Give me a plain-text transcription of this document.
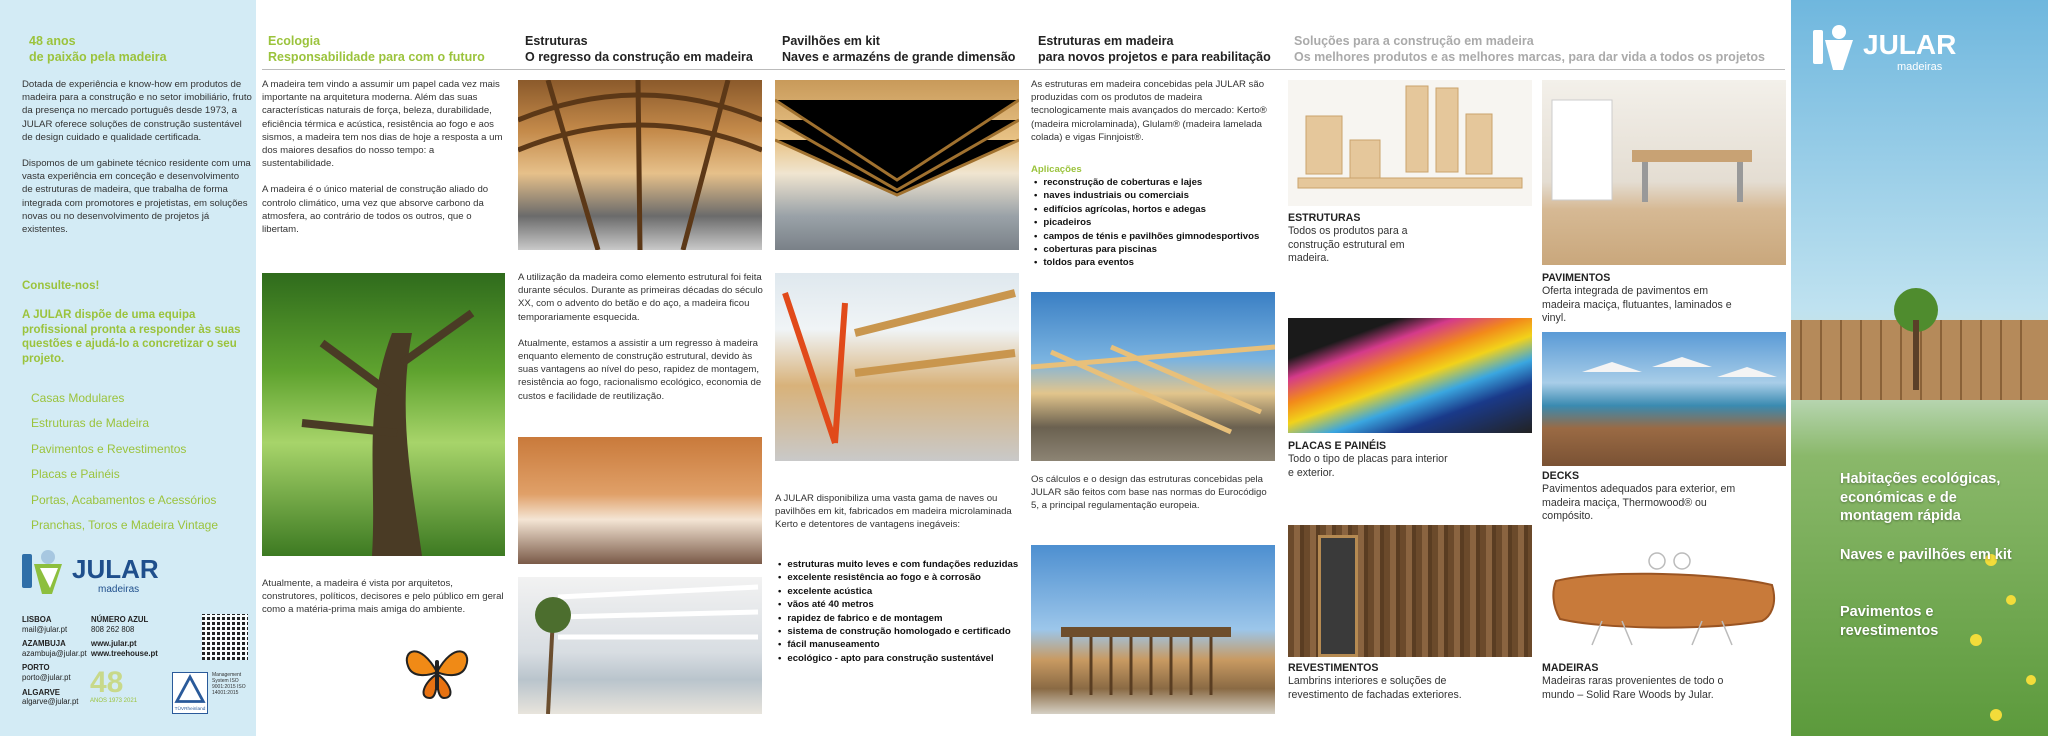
48 anos
de paixão pela madeira

Dotada de experiência e know-how em produtos de madeira para a construção e no setor imobiliário, fruto da presença no mercado português desde 1973, a JULAR oferece soluções de construção sustentável de design cuidado e qualidade certificada.

Dispomos de um gabinete técnico residente com uma vasta experiência em conceção e desenvolvimento de estruturas de madeira, que trabalha de forma integrada com promotores e projetistas, em soluções novas ou no desenvolvimento de projetos já existentes.

Consulte-nos!
A JULAR dispõe de uma equipa profissional pronta a responder às suas questões e ajudá-lo a concretizar o seu projeto.
Casas Modulares
Estruturas de Madeira
Pavimentos e Revestimentos
Placas e Painéis
Portas, Acabamentos e Acessórios
Pranchas, Toros e Madeira Vintage
JULAR
madeiras
LISBOA
mail@jular.pt
AZAMBUJA
azambuja@jular.pt
PORTO
porto@jular.pt
ALGARVE
algarve@jular.pt
NÚMERO AZUL
808 262 808
www.jular.pt
www.treehouse.pt
48
ANOS 1973 2021
TÜVRheinland
Management System ISO 9001:2015 ISO 14001:2015
Ecologia
Responsabilidade para com o futuro
Estruturas
O regresso da construção em madeira
Pavilhões em kit
Naves e armazéns de grande dimensão
Estruturas em madeira
para novos projetos e para reabilitação
Soluções para a construção em madeira
Os melhores produtos e as melhores marcas, para dar vida a todos os projetos

A madeira tem vindo a assumir um papel cada vez mais importante na arquitetura moderna. Além das suas características naturais de força, beleza, durabilidade, eficiência térmica e acústica, resistência ao fogo e aos sismos, a madeira tem nos dias de hoje a resposta a um dos maiores desafios do nosso tempo: a sustentabilidade.

A madeira é o único material de construção aliado do controlo climático, uma vez que absorve carbono da atmosfera, ao contrário de todos os outros, que o libertam.

Atualmente, a madeira é vista por arquitetos, construtores, políticos, decisores e pelo público em geral como a matéria-prima mais amiga do ambiente.

A utilização da madeira como elemento estrutural foi feita durante séculos. Durante as primeiras décadas do século XX, com o advento do betão e do aço, a madeira ficou temporariamente esquecida.

Atualmente, estamos a assistir a um regresso à madeira enquanto elemento de construção estrutural, devido às suas vantagens ao nível do peso, rapidez de montagem, resistência ao fogo, racionalismo ecológico, economia de custos e facilidade de reutilização.

A JULAR disponibiliza uma vasta gama de naves ou pavilhões em kit, fabricados em madeira microlaminada Kerto e detentores de vantagens inegáveis:
• estruturas muito leves e com fundações reduzidas
• excelente resistência ao fogo e à corrosão
• excelente acústica
• vãos até 40 metros
• rapidez de fabrico e de montagem
• sistema de construção homologado e certificado
• fácil manuseamento
• ecológico - apto para construção sustentável
As estruturas em madeira concebidas pela JULAR são produzidas com os produtos de madeira tecnologicamente mais avançados do mercado: Kerto® (madeira microlaminada), Glulam® (madeira lamelada colada) e vigas Finnjoist®.
Aplicações
• reconstrução de coberturas e lajes
• naves industriais ou comerciais
• edifícios agrícolas, hortos e adegas
• picadeiros
• campos de ténis e pavilhões gimnodesportivos
• coberturas para piscinas
• toldos para eventos
Os cálculos e o design das estruturas concebidas pela JULAR são feitos com base nas normas do Eurocódigo 5, a principal regulamentação europeia.
ESTRUTURAS
Todos os produtos para a construção estrutural em madeira.
PLACAS E PAINÉIS
Todo o tipo de placas para interior e exterior.
REVESTIMENTOS
Lambrins interiores e soluções de revestimento de fachadas exteriores.
PAVIMENTOS
Oferta integrada de pavimentos em madeira maciça, flutuantes, laminados e vinyl.
DECKS
Pavimentos adequados para exterior, em madeira maciça, Thermowood® ou compósito.
MADEIRAS
Madeiras raras provenientes de todo o mundo – Solid Rare Woods by Jular.
JULAR
madeiras
Habitações ecológicas, económicas e de montagem rápida
Naves e pavilhões em kit
Pavimentos e revestimentos
